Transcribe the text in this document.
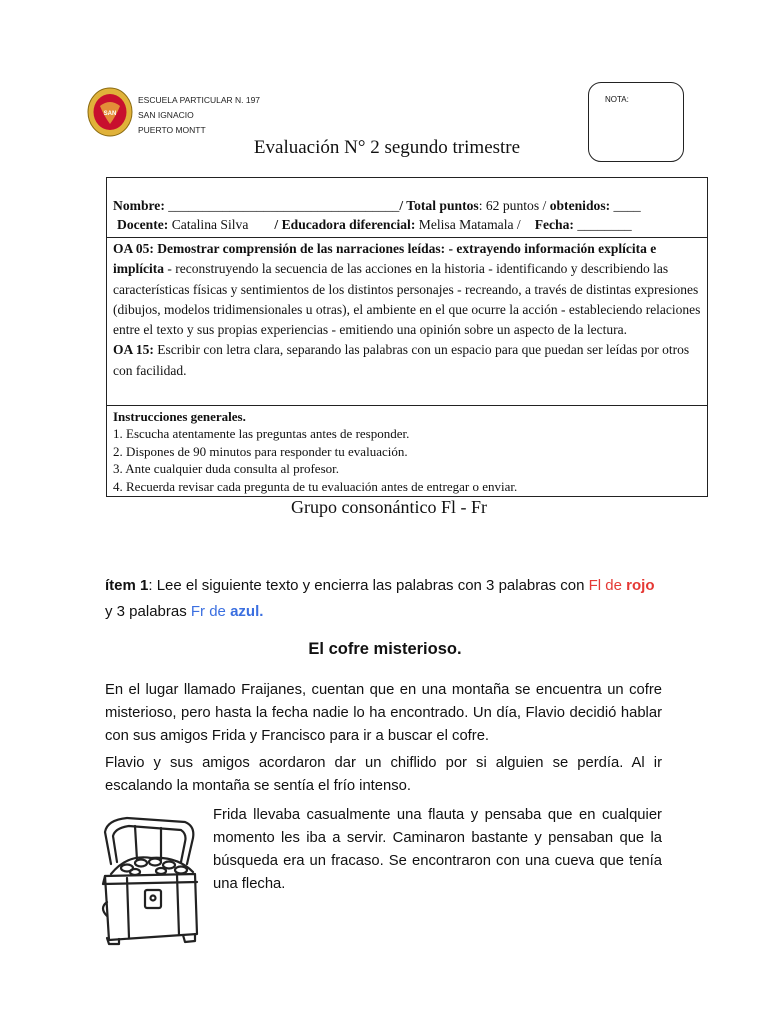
SAN
ESCUELA PARTICULAR N. 197
SAN IGNACIO
PUERTO MONTT
NOTA:
Evaluación N° 2 segundo trimestre
Nombre: __________________________________/ Total puntos: 62 puntos / obtenidos: ____
Docente: Catalina Silva / Educadora diferencial: Melisa Matamala / Fecha: ________
OA 05: Demostrar comprensión de las narraciones leídas: - extrayendo información explícita e implícita - reconstruyendo la secuencia de las acciones en la historia - identificando y describiendo las características físicas y sentimientos de los distintos personajes - recreando, a través de distintas expresiones (dibujos, modelos tridimensionales u otras), el ambiente en el que ocurre la acción - estableciendo relaciones entre el texto y sus propias experiencias - emitiendo una opinión sobre un aspecto de la lectura.
OA 15: Escribir con letra clara, separando las palabras con un espacio para que puedan ser leídas por otros con facilidad.
Instrucciones generales.
1. Escucha atentamente las preguntas antes de responder.
2. Dispones de 90 minutos para responder tu evaluación.
3. Ante cualquier duda consulta al profesor.
4. Recuerda revisar cada pregunta de tu evaluación antes de entregar o enviar.
Grupo consonántico Fl - Fr
ítem 1: Lee el siguiente texto y encierra las palabras con 3 palabras con Fl de rojo y 3 palabras Fr de azul.
El cofre misterioso.
En el lugar llamado Fraijanes, cuentan que en una montaña se encuentra un cofre misterioso, pero hasta la fecha nadie lo ha encontrado. Un día, Flavio decidió hablar con sus amigos Frida y Francisco para ir a buscar el cofre.
Flavio y sus amigos acordaron dar un chiflido por si alguien se perdía. Al ir escalando la montaña se sentía el frío intenso.
Frida llevaba casualmente una flauta y pensaba que en cualquier momento les iba a servir. Caminaron bastante y pensaban que la búsqueda era un fracaso. Se encontraron con una cueva que tenía una flecha.
